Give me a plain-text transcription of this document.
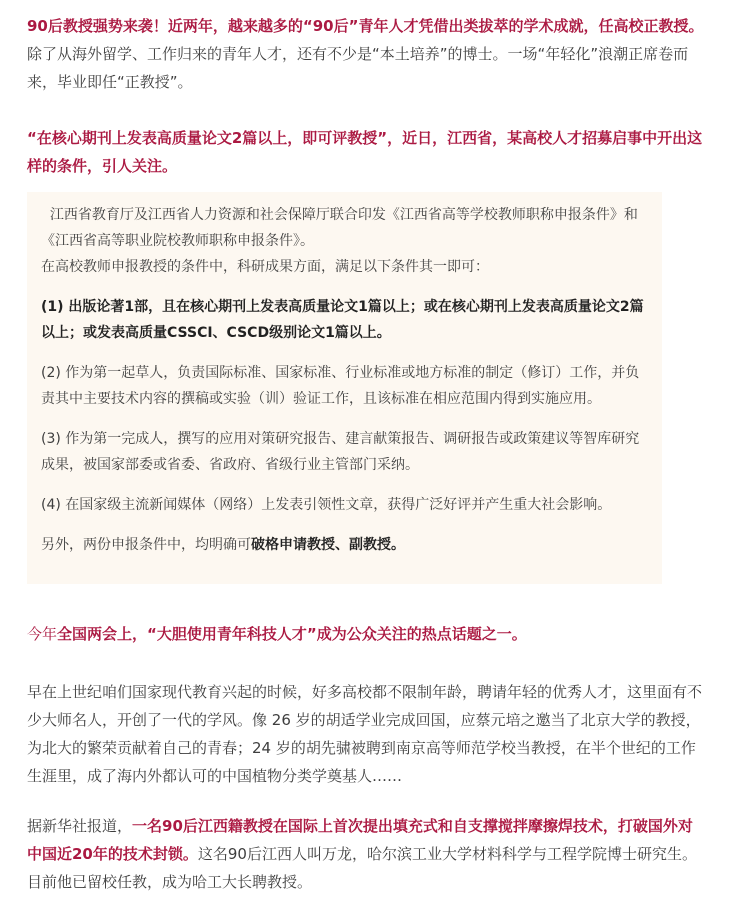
90后教授强势来袭！近两年，越来越多的“90后”青年人才凭借出类拔萃的学术成就，任高校正教授。除了从海外留学、工作归来的青年人才，还有不少是“本土培养”的博士。一场“年轻化”浪潮正席卷而来，毕业即任“正教授”。

“在核心期刊上发表高质量论文2篇以上，即可评教授”，近日，江西省，某高校人才招募启事中开出这样的条件，引人关注。

江西省教育厅及江西省人力资源和社会保障厅联合印发《江西省高等学校教师职称申报条件》和《江西省高等职业院校教师职称申报条件》。

在高校教师申报教授的条件中，科研成果方面，满足以下条件其一即可：

(1) 出版论著1部，且在核心期刊上发表高质量论文1篇以上；或在核心期刊上发表高质量论文2篇以上；或发表高质量CSSCI、CSCD级别论文1篇以上。

(2) 作为第一起草人，负责国际标准、国家标准、行业标准或地方标准的制定（修订）工作，并负责其中主要技术内容的撰稿或实验（训）验证工作，且该标准在相应范围内得到实施应用。

(3) 作为第一完成人，撰写的应用对策研究报告、建言献策报告、调研报告或政策建议等智库研究成果，被国家部委或省委、省政府、省级行业主管部门采纳。

(4) 在国家级主流新闻媒体（网络）上发表引领性文章，获得广泛好评并产生重大社会影响。

另外，两份申报条件中，均明确可破格申请教授、副教授。

今年全国两会上，“大胆使用青年科技人才”成为公众关注的热点话题之一。

早在上世纪咱们国家现代教育兴起的时候，好多高校都不限制年龄，聘请年轻的优秀人才，这里面有不少大师名人，开创了一代的学风。像 26 岁的胡适学业完成回国，应蔡元培之邀当了北京大学的教授，为北大的繁荣贡献着自己的青春；24 岁的胡先骕被聘到南京高等师范学校当教授，在半个世纪的工作生涯里，成了海内外都认可的中国植物分类学奠基人……

据新华社报道，一名90后江西籍教授在国际上首次提出填充式和自支撑搅拌摩擦焊技术，打破国外对中国近20年的技术封锁。这名90后江西人叫万龙，哈尔滨工业大学材料科学与工程学院博士研究生。目前他已留校任教，成为哈工大长聘教授。
